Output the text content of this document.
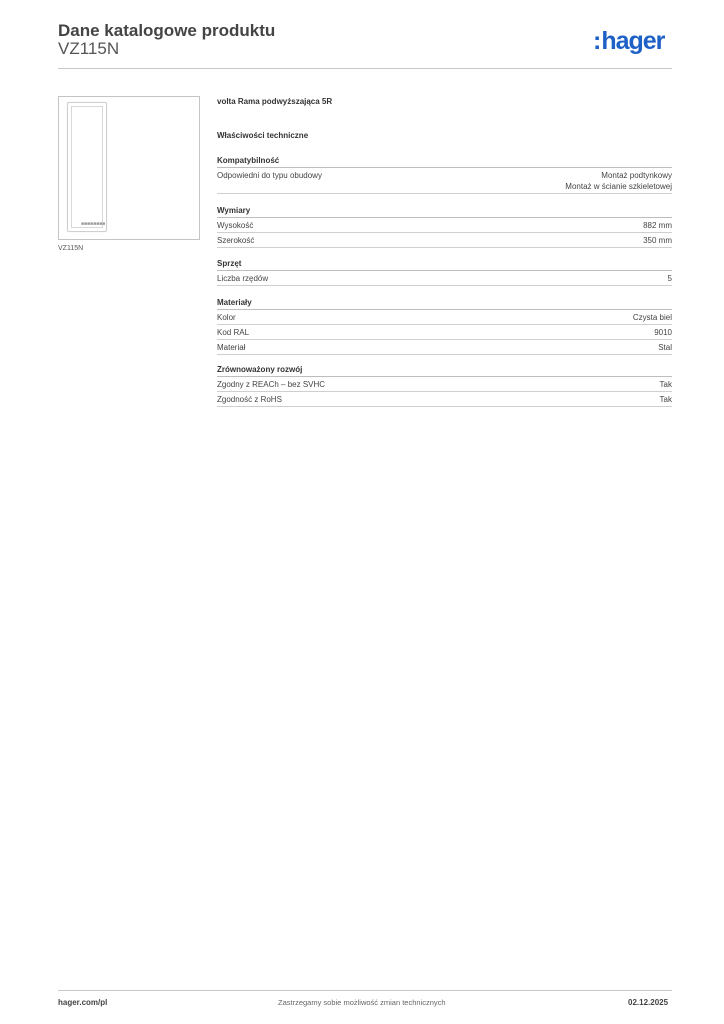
Dane katalogowe produktu
VZ115N	:hager
■■■■■■■■
VZ115N
volta Rama podwyższająca 5R
Właściwości techniczne
Kompatybilność
Odpowiedni do typu obudowy	Montaż podtynkowy
Montaż w ścianie szkieletowej
Wymiary
Wysokość	882 mm
Szerokość	350 mm
Sprzęt
Liczba rzędów	5
Materiały
Kolor	Czysta biel
Kod RAL	9010
Materiał	Stal
Zrównoważony rozwój
Zgodny z REACh – bez SVHC	Tak
Zgodność z RoHS	Tak
hager.com/pl	Zastrzegamy sobie możliwość zmian technicznych	02.12.2025
